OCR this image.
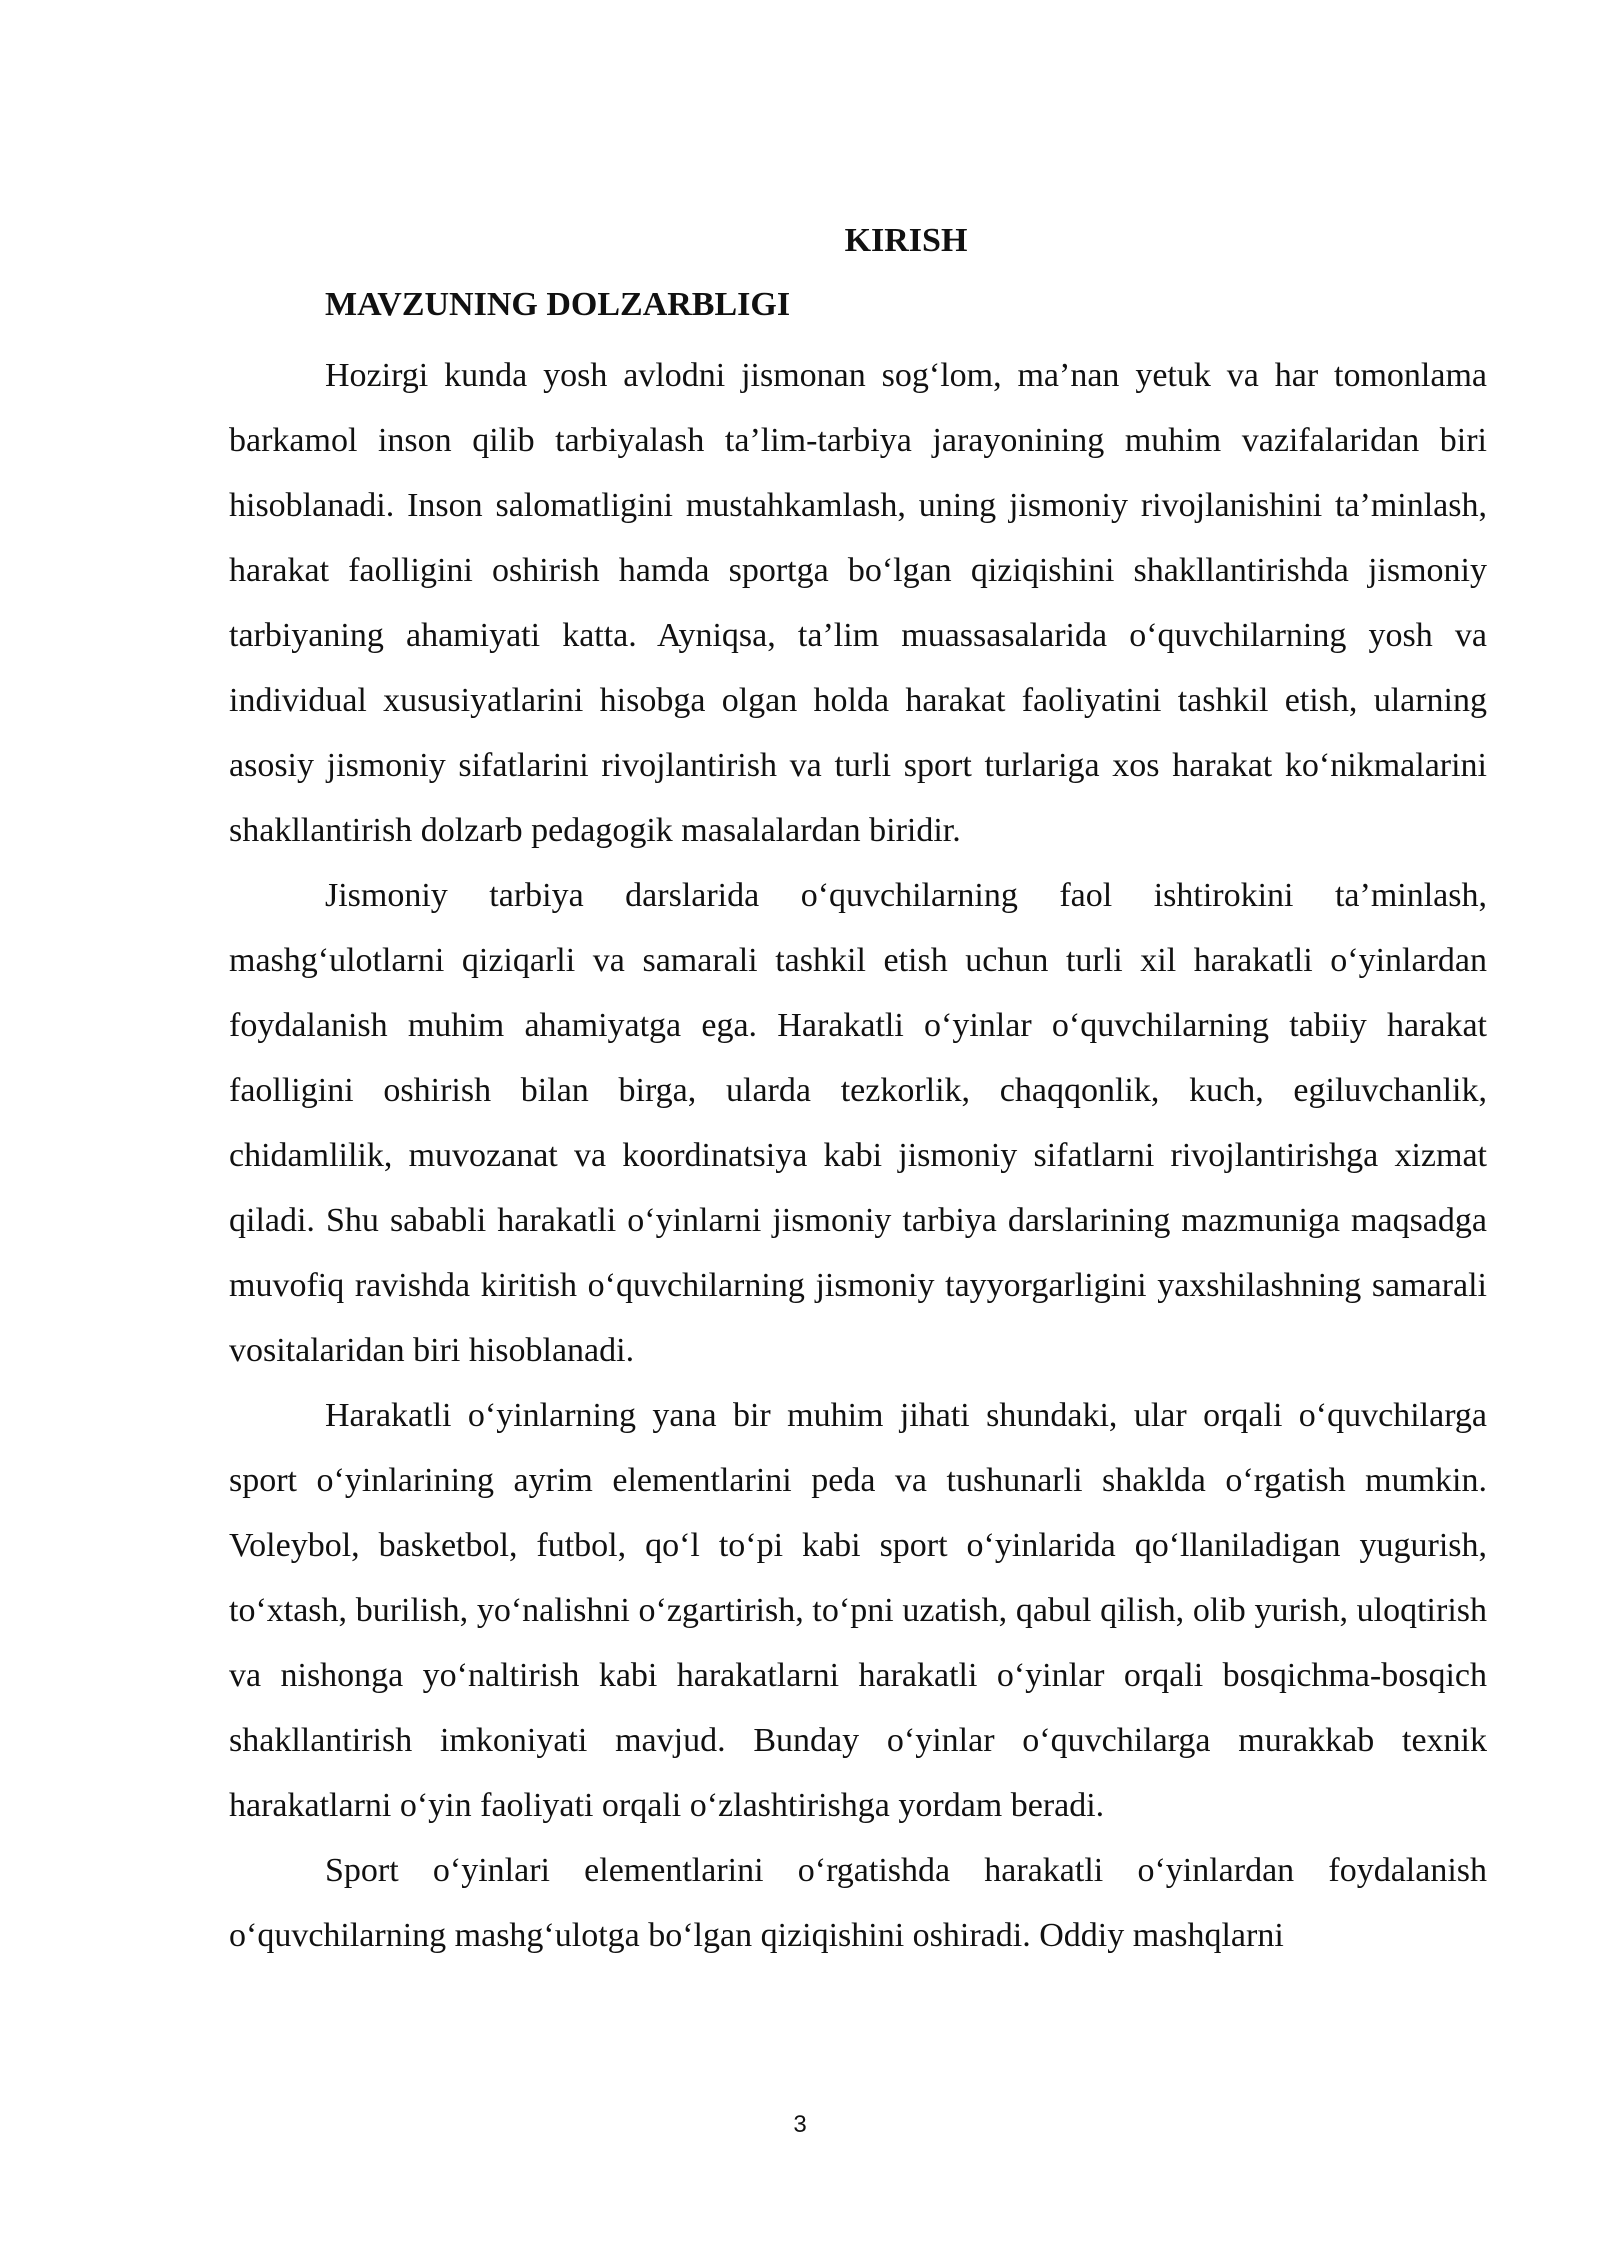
KIRISH
MAVZUNING DOLZARBLIGI

Hozirgi kunda yosh avlodni jismonan sog‘lom, ma’nan yetuk va har tomonlama barkamol inson qilib tarbiyalash ta’lim-tarbiya jarayonining muhim vazifalaridan biri hisoblanadi. Inson salomatligini mustahkamlash, uning jismoniy rivojlanishini ta’minlash, harakat faolligini oshirish hamda sportga bo‘lgan qiziqishini shakllantirishda jismoniy tarbiyaning ahamiyati katta. Ayniqsa, ta’lim muassasalarida o‘quvchilarning yosh va individual xususiyatlarini hisobga olgan holda harakat faoliyatini tashkil etish, ularning asosiy jismoniy sifatlarini rivojlantirish va turli sport turlariga xos harakat ko‘nikmalarini shakllantirish dolzarb pedagogik masalalardan biridir.

Jismoniy tarbiya darslarida o‘quvchilarning faol ishtirokini ta’minlash, mashg‘ulotlarni qiziqarli va samarali tashkil etish uchun turli xil harakatli o‘yinlardan foydalanish muhim ahamiyatga ega. Harakatli o‘yinlar o‘quvchilarning tabiiy harakat faolligini oshirish bilan birga, ularda tezkorlik, chaqqonlik, kuch, egiluvchanlik, chidamlilik, muvozanat va koordinatsiya kabi jismoniy sifatlarni rivojlantirishga xizmat qiladi. Shu sababli harakatli o‘yinlarni jismoniy tarbiya darslarining mazmuniga maqsadga muvofiq ravishda kiritish o‘quvchilarning jismoniy tayyorgarligini yaxshilashning samarali vositalaridan biri hisoblanadi.

Harakatli o‘yinlarning yana bir muhim jihati shundaki, ular orqali o‘quvchilarga sport o‘yinlarining ayrim elementlarini peda va tushunarli shaklda o‘rgatish mumkin. Voleybol, basketbol, futbol, qo‘l to‘pi kabi sport o‘yinlarida qo‘llaniladigan yugurish, to‘xtash, burilish, yo‘nalishni o‘zgartirish, to‘pni uzatish, qabul qilish, olib yurish, uloqtirish va nishonga yo‘naltirish kabi harakatlarni harakatli o‘yinlar orqali bosqichma-bosqich shakllantirish imkoniyati mavjud. Bunday o‘yinlar o‘quvchilarga murakkab texnik harakatlarni o‘yin faoliyati orqali o‘zlashtirishga yordam beradi.

Sport o‘yinlari elementlarini o‘rgatishda harakatli o‘yinlardan foydalanish o‘quvchilarning mashg‘ulotga bo‘lgan qiziqishini oshiradi. Oddiy mashqlarni

3
